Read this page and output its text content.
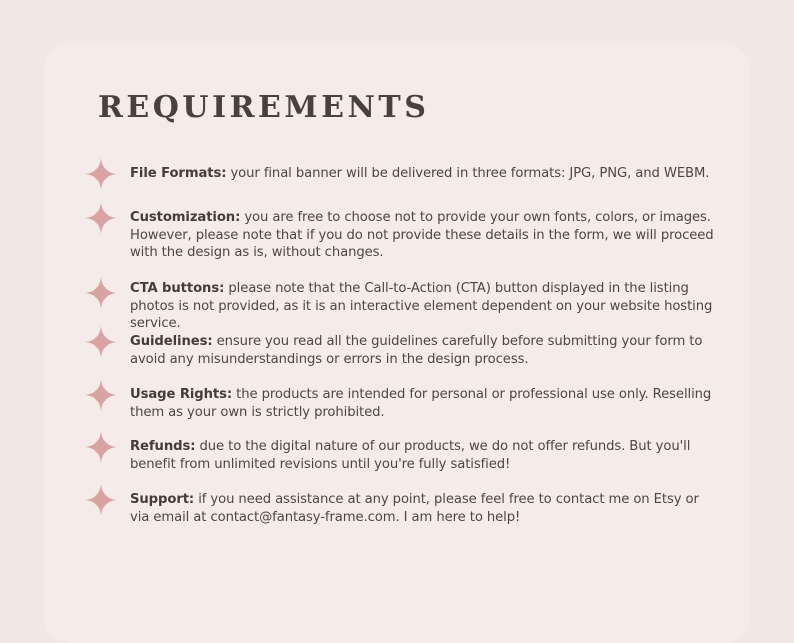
REQUIREMENTS

File Formats: your final banner will be delivered in three formats: JPG, PNG, and WEBM.

Customization: you are free to choose not to provide your own fonts, colors, or images. However, please note that if you do not provide these details in the form, we will proceed with the design as is, without changes.

CTA buttons: please note that the Call-to-Action (CTA) button displayed in the listing photos is not provided, as it is an interactive element dependent on your website hosting service.

Guidelines: ensure you read all the guidelines carefully before submitting your form to avoid any misunderstandings or errors in the design process.

Usage Rights: the products are intended for personal or professional use only. Reselling them as your own is strictly prohibited.

Refunds: due to the digital nature of our products, we do not offer refunds. But you'll benefit from unlimited revisions until you're fully satisfied!

Support: if you need assistance at any point, please feel free to contact me on Etsy or via email at contact@fantasy-frame.com. I am here to help!
